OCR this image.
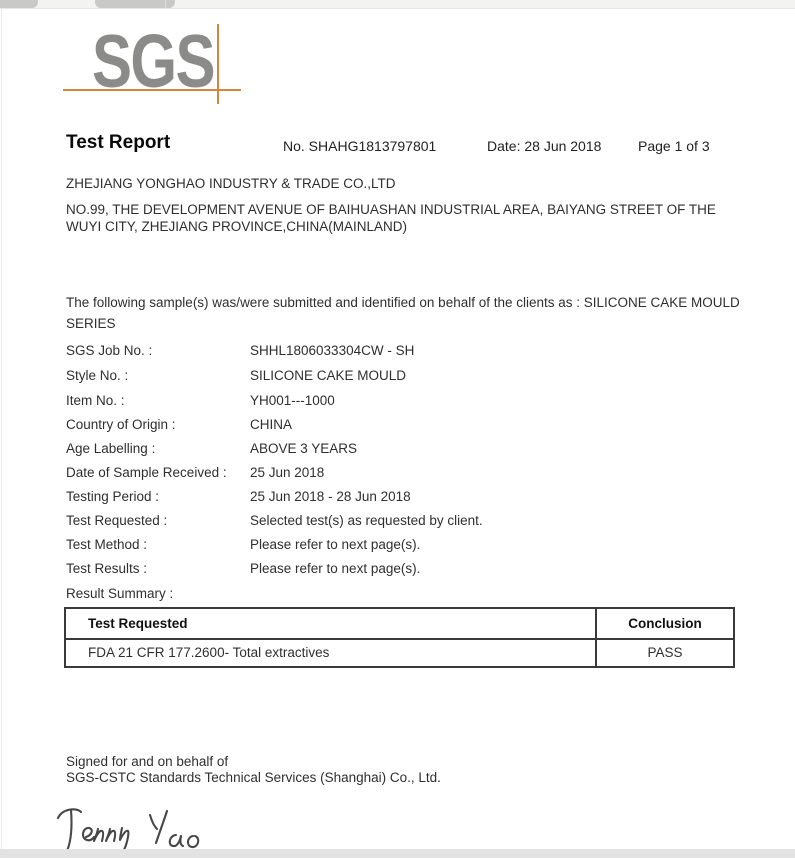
SGS
Test Report	No. SHAHG1813797801	Date: 28 Jun 2018	Page 1 of 3
ZHEJIANG YONGHAO INDUSTRY & TRADE CO.,LTD
NO.99, THE DEVELOPMENT AVENUE OF BAIHUASHAN INDUSTRIAL AREA, BAIYANG STREET OF THE
WUYI CITY, ZHEJIANG PROVINCE,CHINA(MAINLAND)
The following sample(s) was/were submitted and identified on behalf of the clients as : SILICONE CAKE MOULD
SERIES
SGS Job No. :	SHHL1806033304CW - SH
Style No. :	SILICONE CAKE MOULD
Item No. :	YH001---1000
Country of Origin :	CHINA
Age Labelling :	ABOVE 3 YEARS
Date of Sample Received : 25 Jun 2018
Testing Period :	25 Jun 2018 - 28 Jun 2018
Test Requested :	Selected test(s) as requested by client.
Test Method :	Please refer to next page(s).
Test Results :	Please refer to next page(s).
Result Summary :
Test Requested	Conclusion
FDA 21 CFR 177.2600- Total extractives	PASS
Signed for and on behalf of
SGS-CSTC Standards Technical Services (Shanghai) Co., Ltd.
